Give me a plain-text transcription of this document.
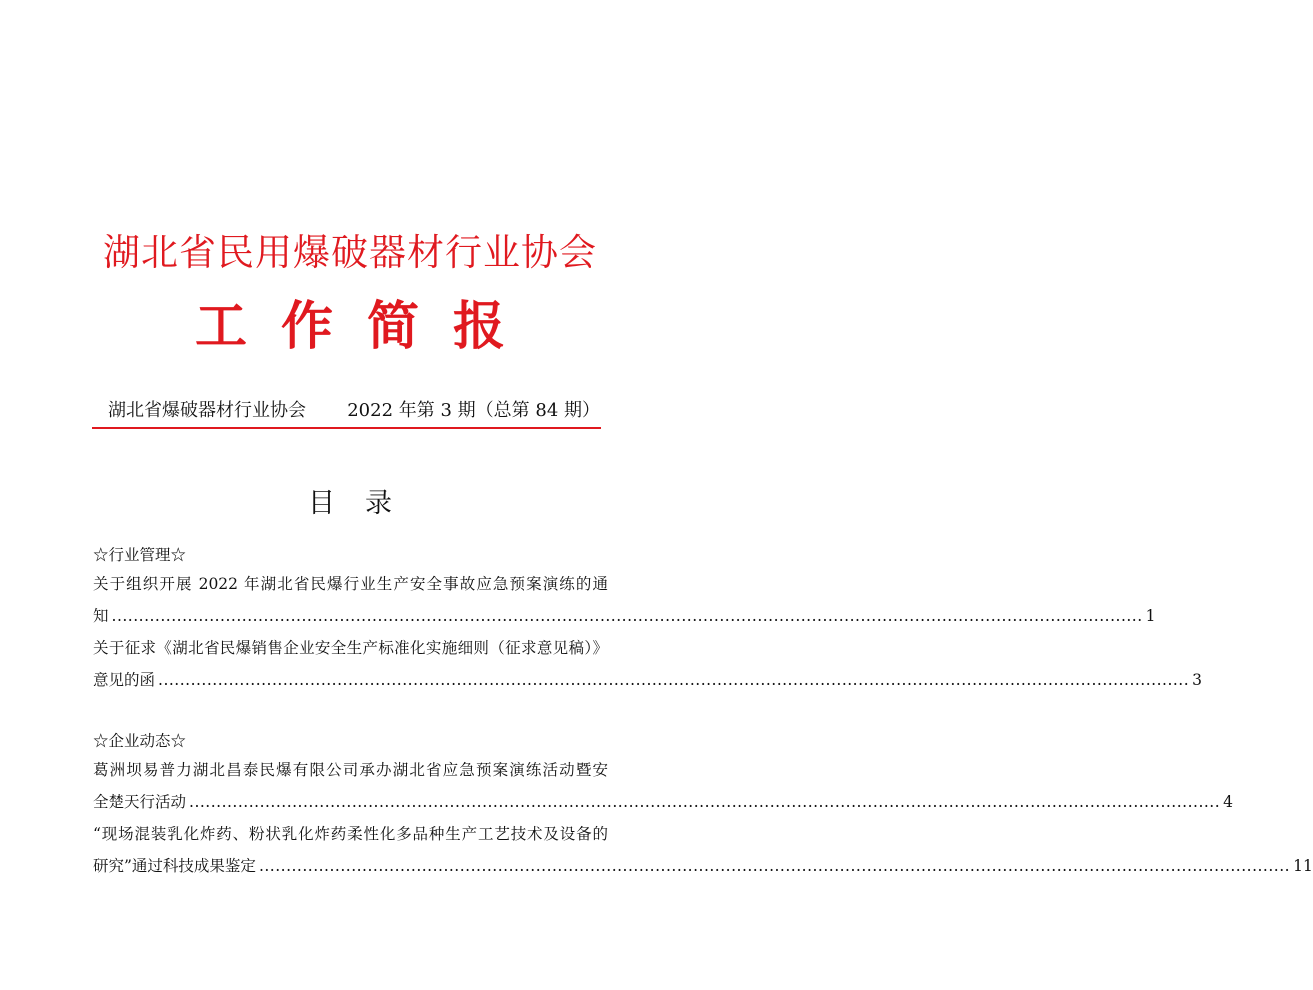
湖北省民用爆破器材行业协会
工作简报
湖北省爆破器材行业协会 2022 年第 3 期（总第 84 期）
目录
☆行业管理☆
关于组织开展 2022 年湖北省民爆行业生产安全事故应急预案演练的通
知 .............................................................................................................................................................................................. 1
关于征求《湖北省民爆销售企业安全生产标准化实施细则（征求意见稿）》
意见的函 .............................................................................................................................................................................................. 3
☆企业动态☆
葛洲坝易普力湖北昌泰民爆有限公司承办湖北省应急预案演练活动暨安
全楚天行活动 .............................................................................................................................................................................................. 4
“现场混装乳化炸药、粉状乳化炸药柔性化多品种生产工艺技术及设备的
研究”通过科技成果鉴定 .............................................................................................................................................................................................. 11
